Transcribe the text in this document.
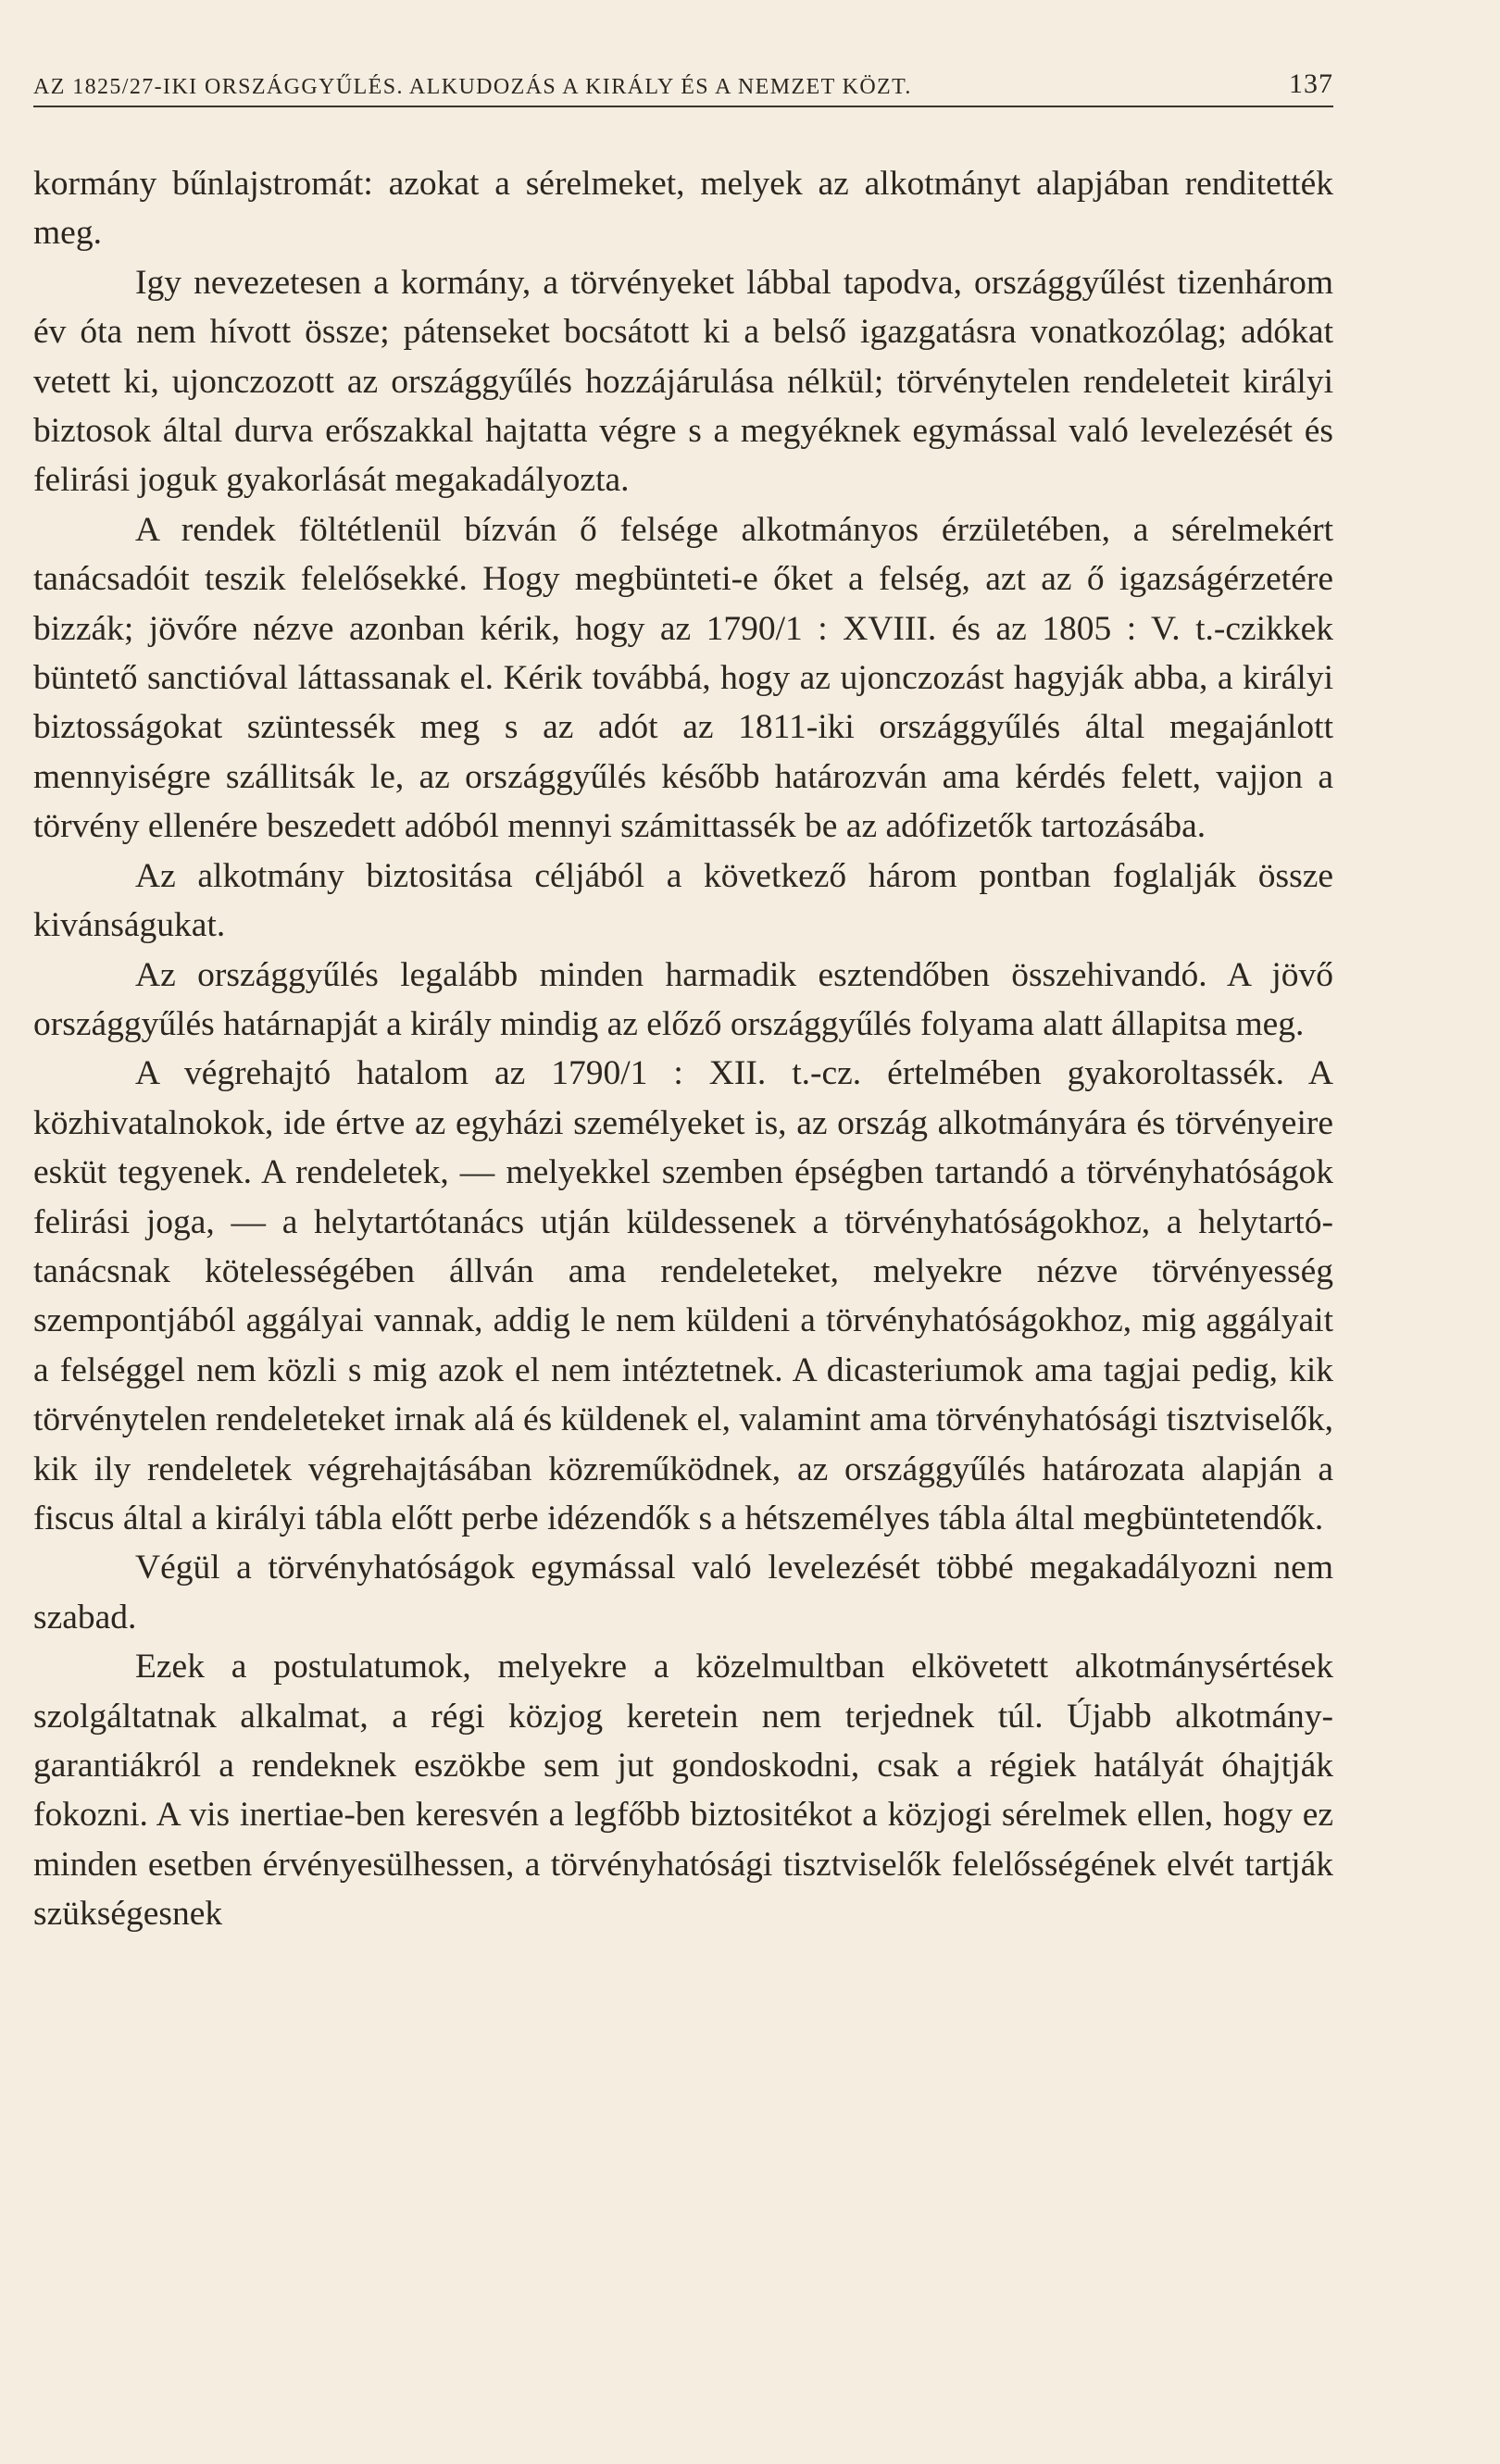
AZ 1825/27-IKI ORSZÁGGYŰLÉS. ALKUDOZÁS A KIRÁLY ÉS A NEMZET KÖZT.	137

kormány bűnlajstromát: azokat a sérelmeket, melyek az alkotmányt alapjában renditették meg.

Igy nevezetesen a kormány, a törvényeket lábbal tapodva, országgyűlést tizenhárom év óta nem hívott össze; pátenseket bocsátott ki a belső igazgatásra vonatkozólag; adókat vetett ki, ujonczozott az országgyűlés hozzájárulása nélkül; törvénytelen rendeleteit királyi biztosok által durva erőszakkal hajtatta végre s a megyéknek egymással való levelezését és felirási joguk gyakorlását megakadályozta.

A rendek föltétlenül bízván ő felsége alkotmányos érzületében, a sérelmekért tanácsadóit teszik felelősekké. Hogy megbünteti-e őket a felség, azt az ő igazságérzetére bizzák; jövőre nézve azonban kérik, hogy az 1790/1 : XVIII. és az 1805 : V. t.-czikkek büntető sanctióval láttassanak el. Kérik továbbá, hogy az ujonczozást hagyják abba, a királyi biztosságokat szüntessék meg s az adót az 1811-iki országgyűlés által megajánlott mennyiségre szállitsák le, az országgyűlés később határozván ama kérdés felett, vajjon a törvény ellenére beszedett adóból mennyi számittassék be az adófizetők tartozásába.

Az alkotmány biztositása céljából a következő három pontban foglalják össze kivánságukat.

Az országgyűlés legalább minden harmadik esztendőben összehivandó. A jövő országgyűlés határnapját a király mindig az előző országgyűlés folyama alatt állapitsa meg.

A végrehajtó hatalom az 1790/1 : XII. t.-cz. értelmében gyakoroltassék. A közhivatalnokok, ide értve az egyházi személyeket is, az ország alkotmányára és törvényeire esküt tegyenek. A rendeletek, — melyekkel szemben épségben tartandó a törvényhatóságok felirási joga, — a helytartótanács utján küldessenek a törvényhatóságokhoz, a helytartó-tanácsnak kötelességében állván ama rendeleteket, melyekre nézve törvényesség szempontjából aggályai vannak, addig le nem küldeni a törvényhatóságokhoz, mig aggályait a felséggel nem közli s mig azok el nem intéztetnek. A dicasteriumok ama tagjai pedig, kik törvénytelen rendeleteket irnak alá és küldenek el, valamint ama törvényhatósági tisztviselők, kik ily rendeletek végrehajtásában közreműködnek, az országgyűlés határozata alapján a fiscus által a királyi tábla előtt perbe idézendők s a hétszemélyes tábla által megbüntetendők.

Végül a törvényhatóságok egymással való levelezését többé megakadályozni nem szabad.

Ezek a postulatumok, melyekre a közelmultban elkövetett alkotmánysértések szolgáltatnak alkalmat, a régi közjog keretein nem terjednek túl. Újabb alkotmány-garantiákról a rendeknek eszökbe sem jut gondoskodni, csak a régiek hatályát óhajtják fokozni. A vis inertiae-ben keresvén a legfőbb biztositékot a közjogi sérelmek ellen, hogy ez minden esetben érvényesülhessen, a törvényhatósági tisztviselők felelősségének elvét tartják szükségesnek
